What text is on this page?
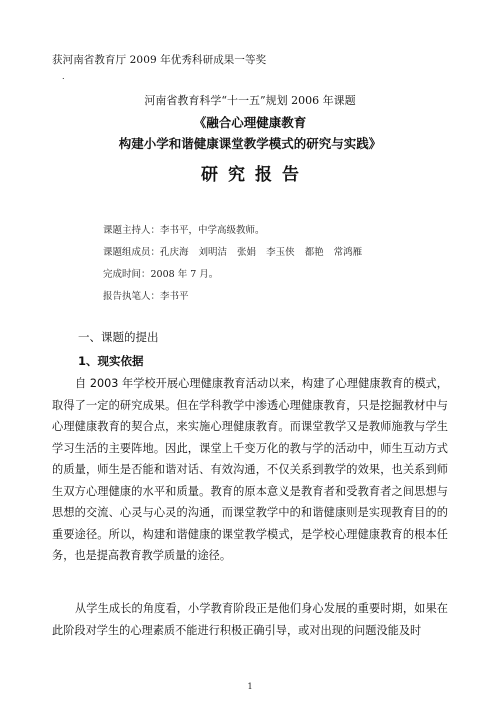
获河南省教育厅 2009 年优秀科研成果一等奖
.
河南省教育科学“十一五”规划 2006 年课题
《融合心理健康教育
构建小学和谐健康课堂教学模式的研究与实践》
研究报告
课题主持人：李书平，中学高级教师。
课题组成员：孔庆海 刘明洁 张娟 李玉侠 都艳 常鸿雁
完成时间：2008 年 7 月。
报告执笔人：李书平
一、课题的提出
1、现实依据

自 2003 年学校开展心理健康教育活动以来，构建了心理健康教育的模式，取得了一定的研究成果。但在学科教学中渗透心理健康教育，只是挖掘教材中与心理健康教育的契合点，来实施心理健康教育。而课堂教学又是教师施教与学生学习生活的主要阵地。因此，课堂上千变万化的教与学的活动中，师生互动方式的质量，师生是否能和谐对话、有效沟通，不仅关系到教学的效果，也关系到师生双方心理健康的水平和质量。教育的原本意义是教育者和受教育者之间思想与思想的交流、心灵与心灵的沟通，而课堂教学中的和谐健康则是实现教育目的的重要途径。所以，构建和谐健康的课堂教学模式，是学校心理健康教育的根本任务，也是提高教育教学质量的途径。

从学生成长的角度看，小学教育阶段正是他们身心发展的重要时期，如果在此阶段对学生的心理素质不能进行积极正确引导，或对出现的问题没能及时

1
